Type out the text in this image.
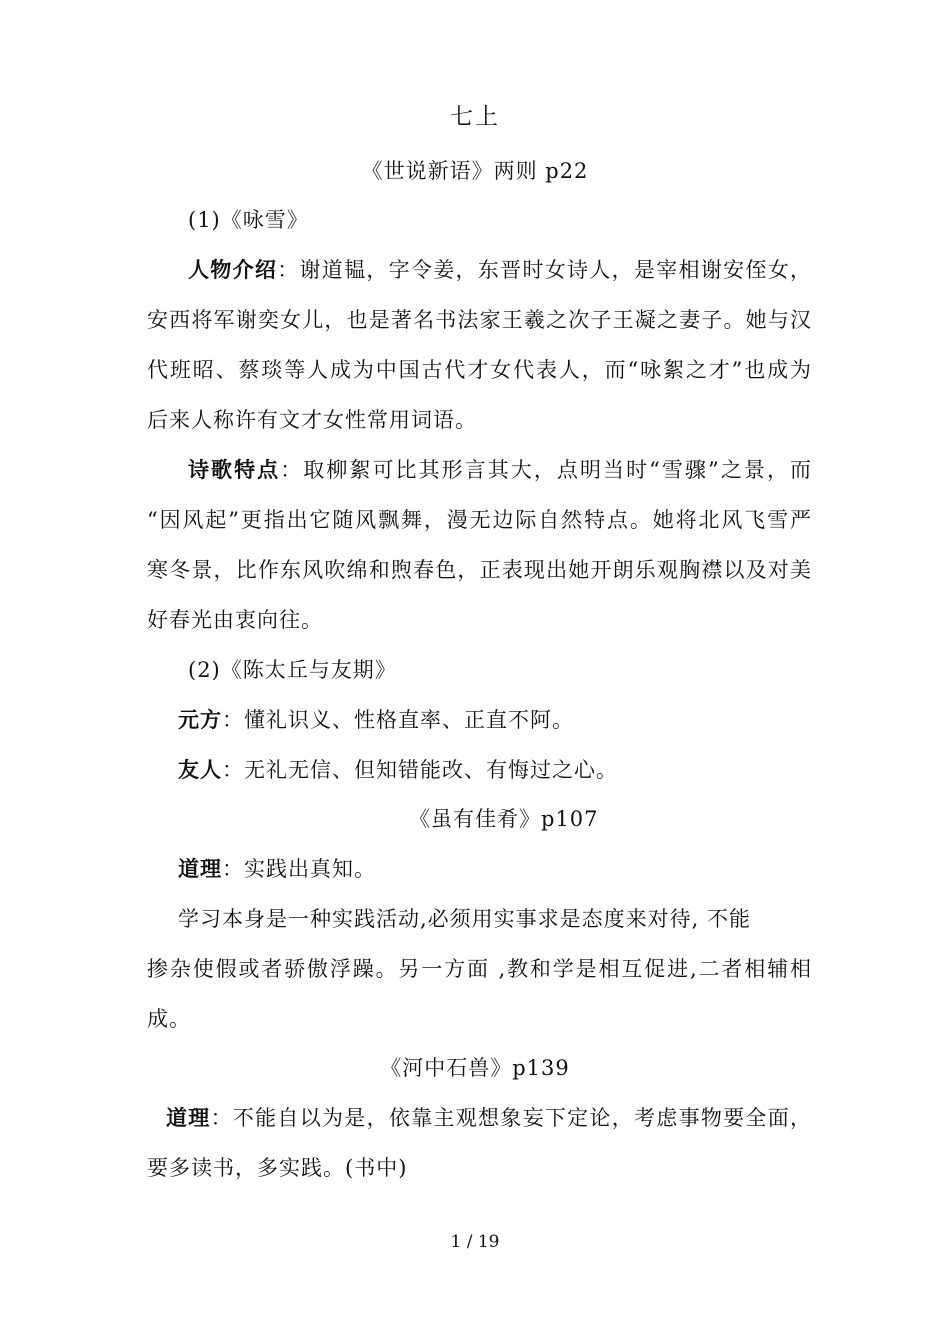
七上
《世说新语》两则 p22
(1)《咏雪》
人物介绍：谢道韫，字令姜，东晋时女诗人，是宰相谢安侄女，
安西将军谢奕女儿，也是著名书法家王羲之次子王凝之妻子。她与汉
代班昭、蔡琰等人成为中国古代才女代表人，而“咏絮之才”也成为
后来人称许有文才女性常用词语。
诗歌特点：取柳絮可比其形言其大，点明当时“雪骤”之景，而
“因风起”更指出它随风飘舞，漫无边际自然特点。她将北风飞雪严
寒冬景，比作东风吹绵和煦春色，正表现出她开朗乐观胸襟以及对美
好春光由衷向往。
(2)《陈太丘与友期》
元方：懂礼识义、性格直率、正直不阿。
友人：无礼无信、但知错能改、有悔过之心。
《虽有佳肴》p107
道理：实践出真知。
学习本身是一种实践活动,必须用实事求是态度来对待, 不能
掺杂使假或者骄傲浮躁。另一方面 ,教和学是相互促进,二者相辅相
成。
《河中石兽》p139
道理：不能自以为是，依靠主观想象妄下定论，考虑事物要全面，
要多读书，多实践。(书中)
1 / 19
